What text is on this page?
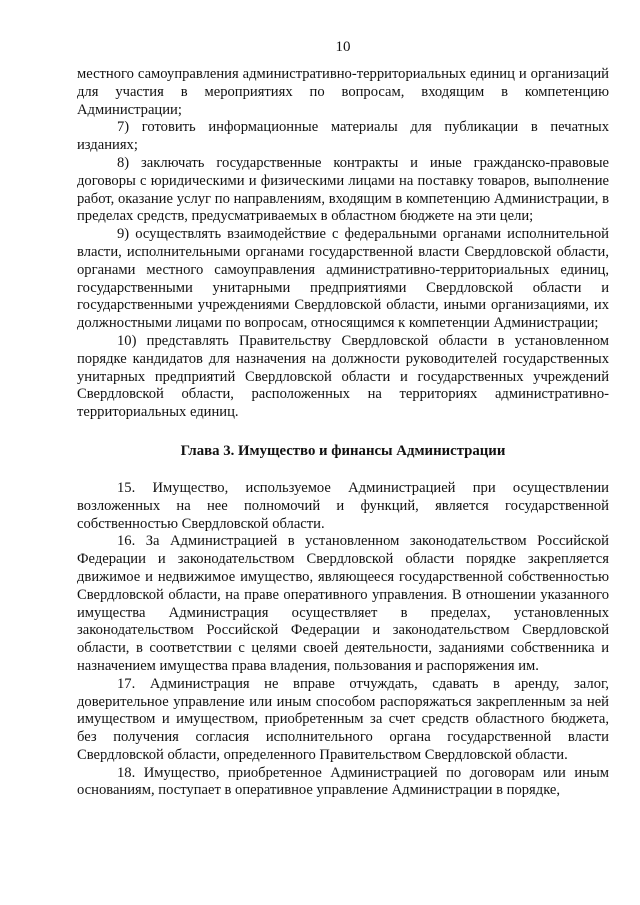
10

местного самоуправления административно-территориальных единиц и организаций для участия в мероприятиях по вопросам, входящим в компетенцию Администрации;

7) готовить информационные материалы для публикации в печатных изданиях;

8) заключать государственные контракты и иные гражданско-правовые договоры с юридическими и физическими лицами на поставку товаров, выполнение работ, оказание услуг по направлениям, входящим в компетенцию Администрации, в пределах средств, предусматриваемых в областном бюджете на эти цели;

9) осуществлять взаимодействие с федеральными органами исполнительной власти, исполнительными органами государственной власти Свердловской области, органами местного самоуправления административно-территориальных единиц, государственными унитарными предприятиями Свердловской области и государственными учреждениями Свердловской области, иными организациями, их должностными лицами по вопросам, относящимся к компетенции Администрации;

10) представлять Правительству Свердловской области в установленном порядке кандидатов для назначения на должности руководителей государственных унитарных предприятий Свердловской области и государственных учреждений Свердловской области, расположенных на территориях административно-территориальных единиц.

Глава 3. Имущество и финансы Администрации

15. Имущество, используемое Администрацией при осуществлении возложенных на нее полномочий и функций, является государственной собственностью Свердловской области.

16. За Администрацией в установленном законодательством Российской Федерации и законодательством Свердловской области порядке закрепляется движимое и недвижимое имущество, являющееся государственной собственностью Свердловской области, на праве оперативного управления. В отношении указанного имущества Администрация осуществляет в пределах, установленных законодательством Российской Федерации и законодательством Свердловской области, в соответствии с целями своей деятельности, заданиями собственника и назначением имущества права владения, пользования и распоряжения им.

17. Администрация не вправе отчуждать, сдавать в аренду, залог, доверительное управление или иным способом распоряжаться закрепленным за ней имуществом и имуществом, приобретенным за счет средств областного бюджета, без получения согласия исполнительного органа государственной власти Свердловской области, определенного Правительством Свердловской области.

18. Имущество, приобретенное Администрацией по договорам или иным основаниям, поступает в оперативное управление Администрации в порядке,
